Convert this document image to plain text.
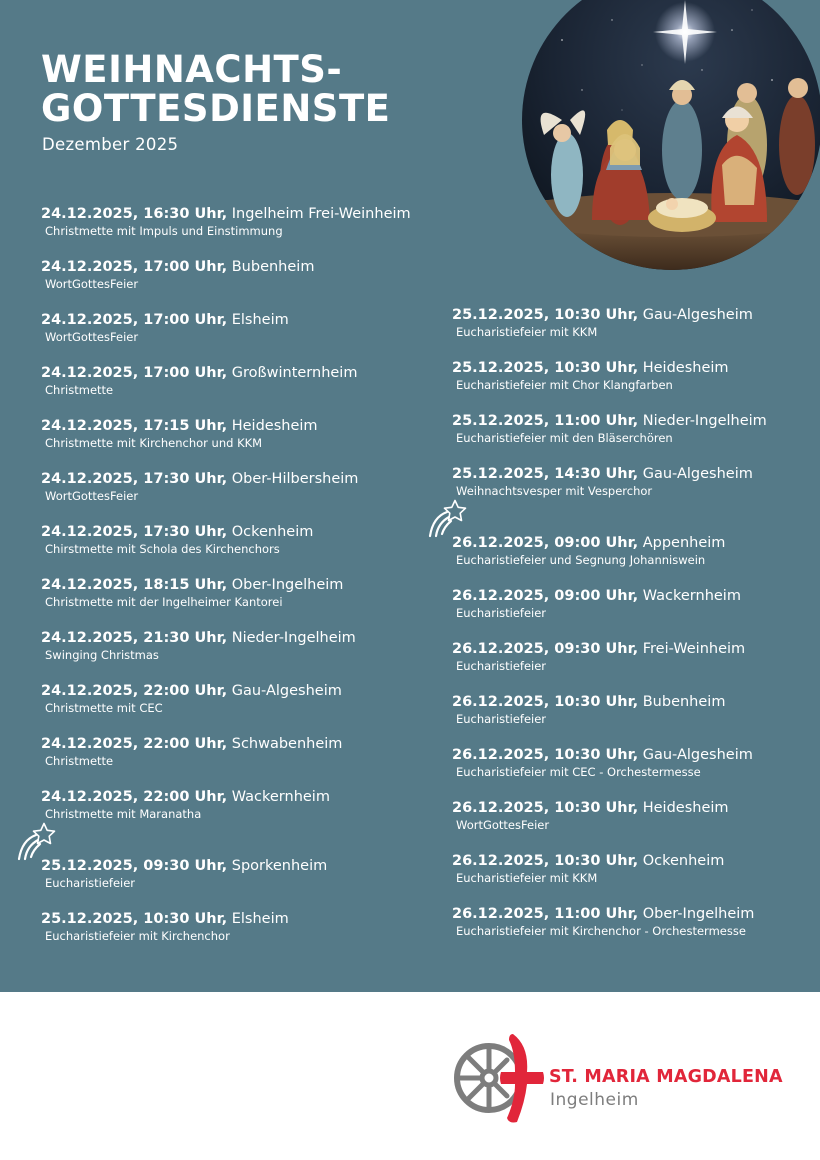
WEIHNACHTS-
GOTTESDIENSTE
Dezember 2025
24.12.2025, 16:30 Uhr, Ingelheim Frei-Weinheim
Christmette mit Impuls und Einstimmung
24.12.2025, 17:00 Uhr, Bubenheim
WortGottesFeier
24.12.2025, 17:00 Uhr, Elsheim
WortGottesFeier
24.12.2025, 17:00 Uhr, Großwinternheim
Christmette
24.12.2025, 17:15 Uhr, Heidesheim
Christmette mit Kirchenchor und KKM
24.12.2025, 17:30 Uhr, Ober-Hilbersheim
WortGottesFeier
24.12.2025, 17:30 Uhr, Ockenheim
Chirstmette mit Schola des Kirchenchors
24.12.2025, 18:15 Uhr, Ober-Ingelheim
Christmette mit der Ingelheimer Kantorei
24.12.2025, 21:30 Uhr, Nieder-Ingelheim
Swinging Christmas
24.12.2025, 22:00 Uhr, Gau-Algesheim
Christmette mit CEC
24.12.2025, 22:00 Uhr, Schwabenheim
Christmette
24.12.2025, 22:00 Uhr, Wackernheim
Christmette mit Maranatha
25.12.2025, 09:30 Uhr, Sporkenheim
Eucharistiefeier
25.12.2025, 10:30 Uhr, Elsheim
Eucharistiefeier mit Kirchenchor
25.12.2025, 10:30 Uhr, Gau-Algesheim
Eucharistiefeier mit KKM
25.12.2025, 10:30 Uhr, Heidesheim
Eucharistiefeier mit Chor Klangfarben
25.12.2025, 11:00 Uhr, Nieder-Ingelheim
Eucharistiefeier mit den Bläserchören
25.12.2025, 14:30 Uhr, Gau-Algesheim
Weihnachtsvesper mit Vesperchor
26.12.2025, 09:00 Uhr, Appenheim
Eucharistiefeier und Segnung Johanniswein
26.12.2025, 09:00 Uhr, Wackernheim
Eucharistiefeier
26.12.2025, 09:30 Uhr, Frei-Weinheim
Eucharistiefeier
26.12.2025, 10:30 Uhr, Bubenheim
Eucharistiefeier
26.12.2025, 10:30 Uhr, Gau-Algesheim
Eucharistiefeier mit CEC - Orchestermesse
26.12.2025, 10:30 Uhr, Heidesheim
WortGottesFeier
26.12.2025, 10:30 Uhr, Ockenheim
Eucharistiefeier mit KKM
26.12.2025, 11:00 Uhr, Ober-Ingelheim
Eucharistiefeier mit Kirchenchor - Orchestermesse
ST. MARIA MAGDALENA
Ingelheim
